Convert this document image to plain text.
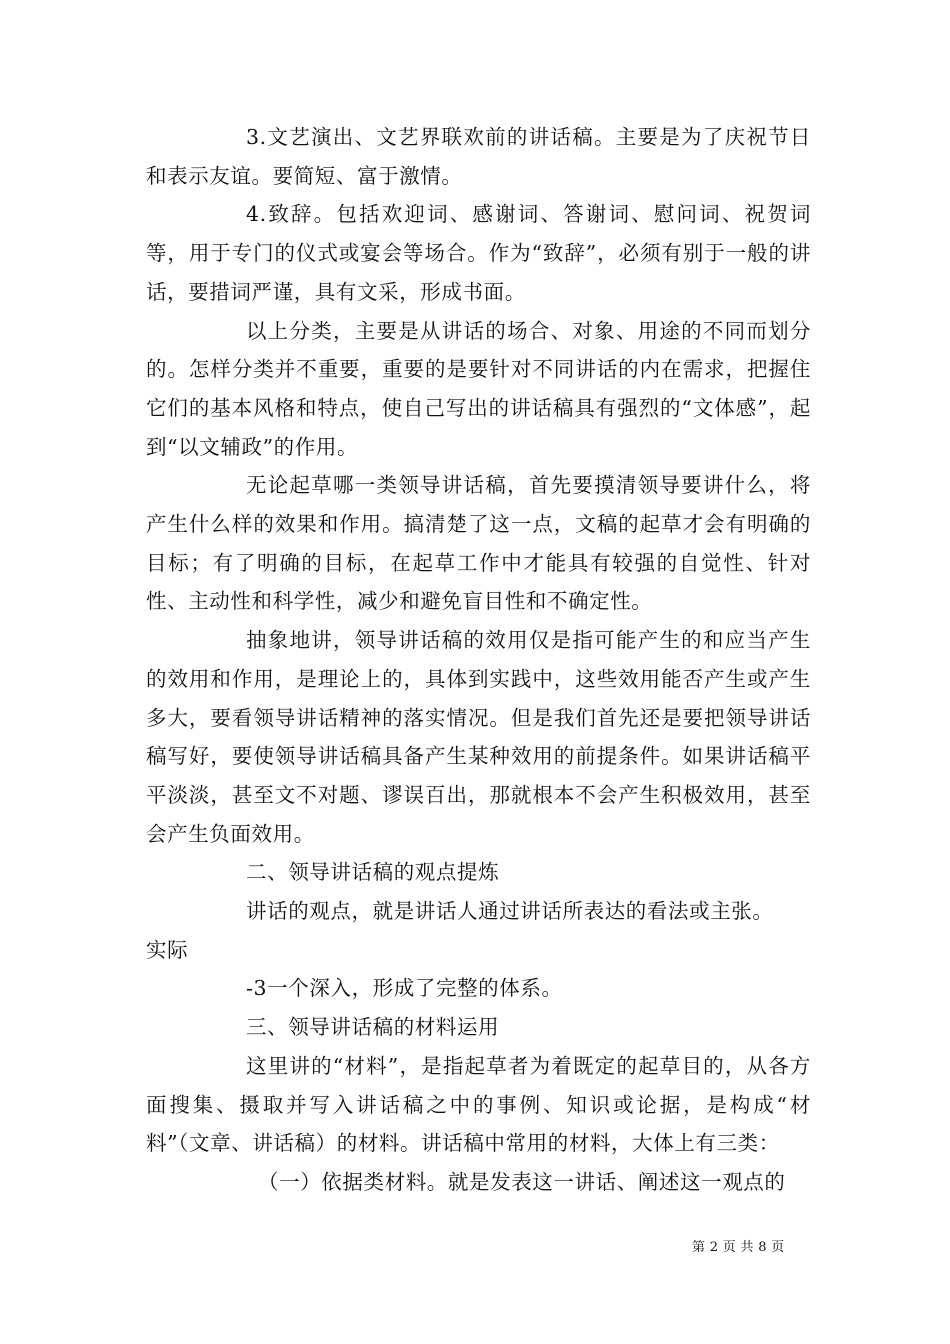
3.文艺演出、文艺界联欢前的讲话稿。主要是为了庆祝节日和表示友谊。要简短、富于激情。

4.致辞。包括欢迎词、感谢词、答谢词、慰问词、祝贺词等，用于专门的仪式或宴会等场合。作为“致辞”，必须有别于一般的讲话，要措词严谨，具有文采，形成书面。

以上分类，主要是从讲话的场合、对象、用途的不同而划分的。怎样分类并不重要，重要的是要针对不同讲话的内在需求，把握住它们的基本风格和特点，使自己写出的讲话稿具有强烈的“文体感”，起到“以文辅政”的作用。

无论起草哪一类领导讲话稿，首先要摸清领导要讲什么，将产生什么样的效果和作用。搞清楚了这一点，文稿的起草才会有明确的目标；有了明确的目标，在起草工作中才能具有较强的自觉性、针对性、主动性和科学性，减少和避免盲目性和不确定性。

抽象地讲，领导讲话稿的效用仅是指可能产生的和应当产生的效用和作用，是理论上的，具体到实践中，这些效用能否产生或产生多大，要看领导讲话精神的落实情况。但是我们首先还是要把领导讲话稿写好，要使领导讲话稿具备产生某种效用的前提条件。如果讲话稿平平淡淡，甚至文不对题、谬误百出，那就根本不会产生积极效用，甚至会产生负面效用。

二、领导讲话稿的观点提炼

讲话的观点，就是讲话人通过讲话所表达的看法或主张。

实际

-3一个深入，形成了完整的体系。

三、领导讲话稿的材料运用

这里讲的“材料”，是指起草者为着既定的起草目的，从各方面搜集、摄取并写入讲话稿之中的事例、知识或论据，是构成“材料”（文章、讲话稿）的材料。讲话稿中常用的材料，大体上有三类：

（一）依据类材料。就是发表这一讲话、阐述这一观点的

第 2 页 共 8 页
